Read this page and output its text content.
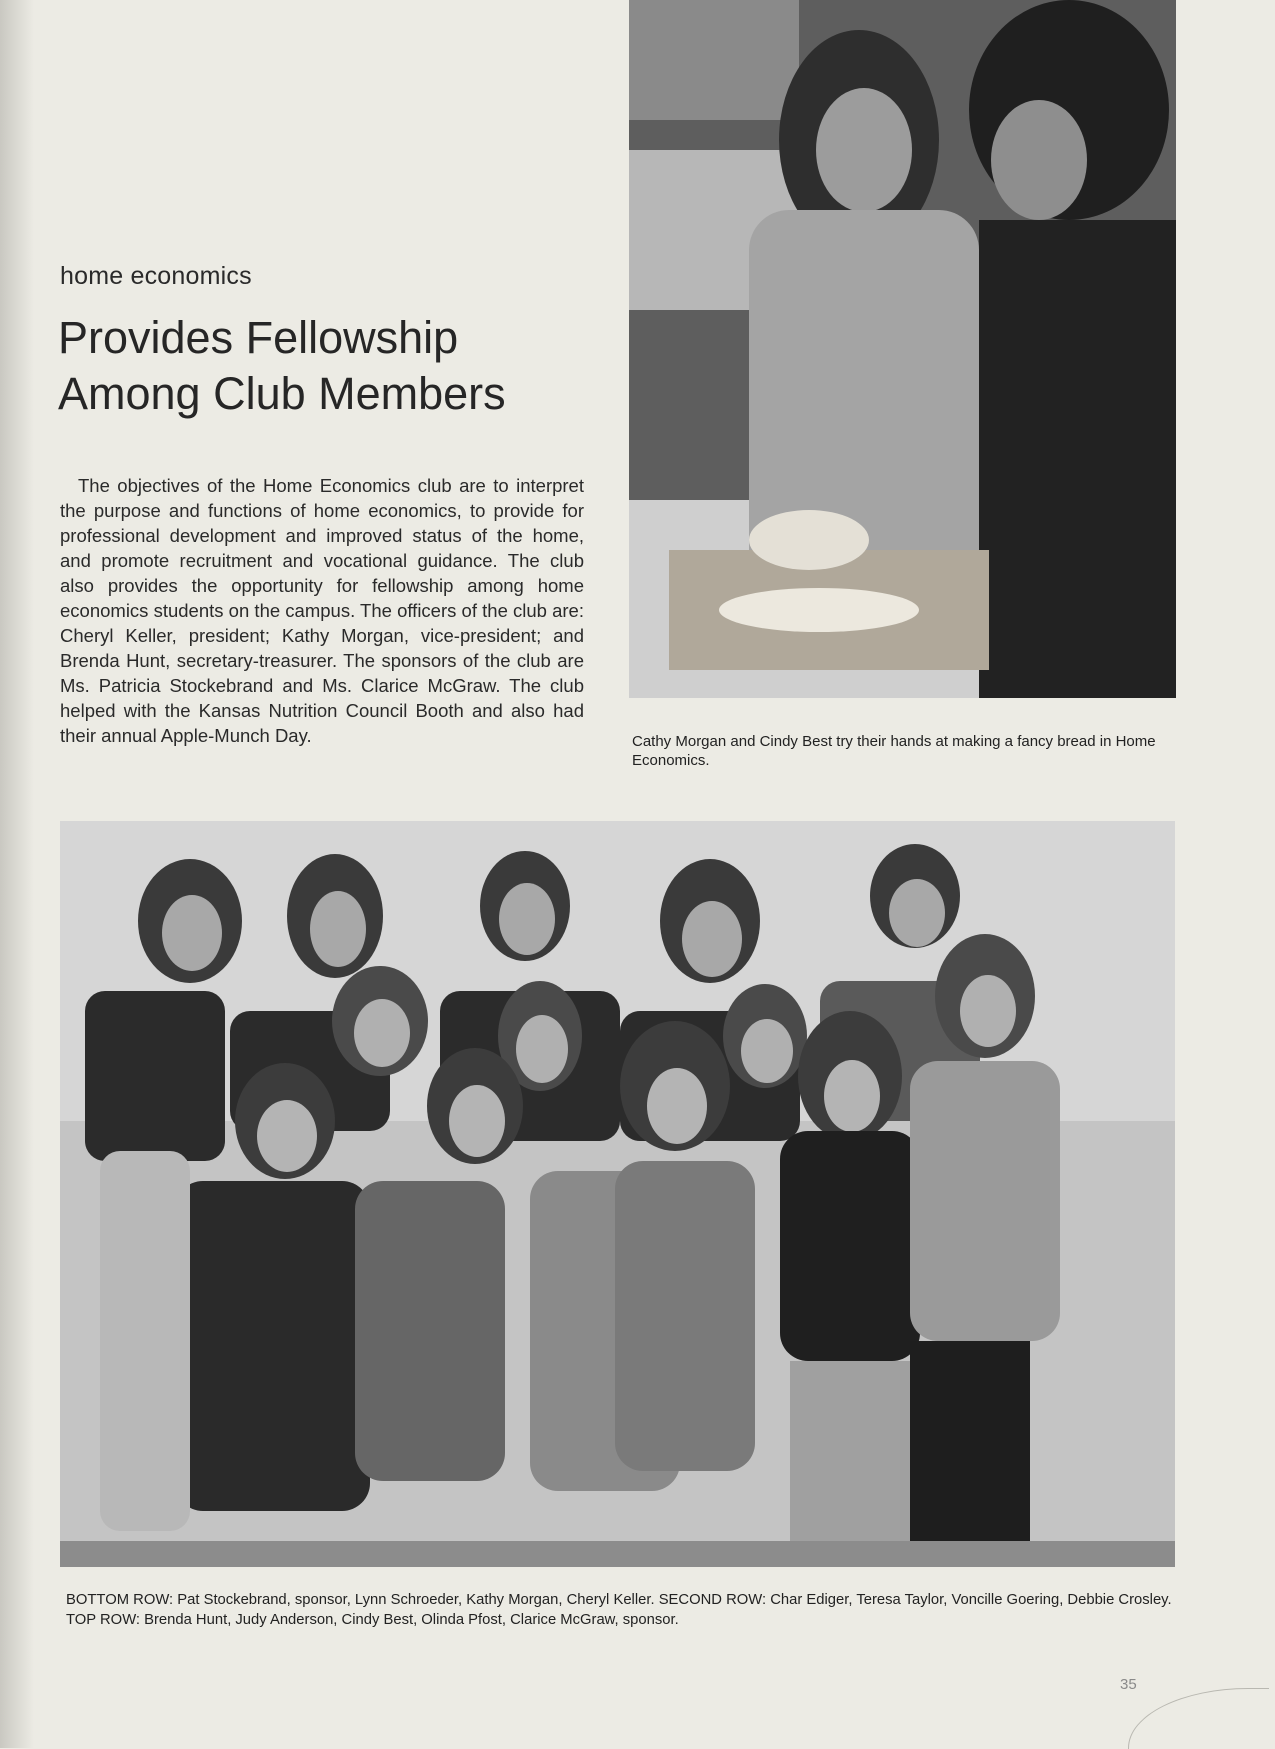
home economics
Provides Fellowship
Among Club Members
The objectives of the Home Economics club are to interpret the purpose and functions of home economics, to provide for professional development and improved status of the home, and promote recruitment and vocational guidance. The club also provides the opportunity for fellowship among home economics students on the campus. The officers of the club are: Cheryl Keller, president; Kathy Morgan, vice-president; and Brenda Hunt, secretary-treasurer. The sponsors of the club are Ms. Patricia Stockebrand and Ms. Clarice McGraw. The club helped with the Kansas Nutrition Council Booth and also had their annual Apple-Munch Day.	Cathy Morgan and Cindy Best try their hands at making a fancy bread in Home Economics.
BOTTOM ROW: Pat Stockebrand, sponsor, Lynn Schroeder, Kathy Morgan, Cheryl Keller. SECOND ROW: Char Ediger, Teresa Taylor, Voncille Goering, Debbie Crosley. TOP ROW: Brenda Hunt, Judy Anderson, Cindy Best, Olinda Pfost, Clarice McGraw, sponsor.
35
